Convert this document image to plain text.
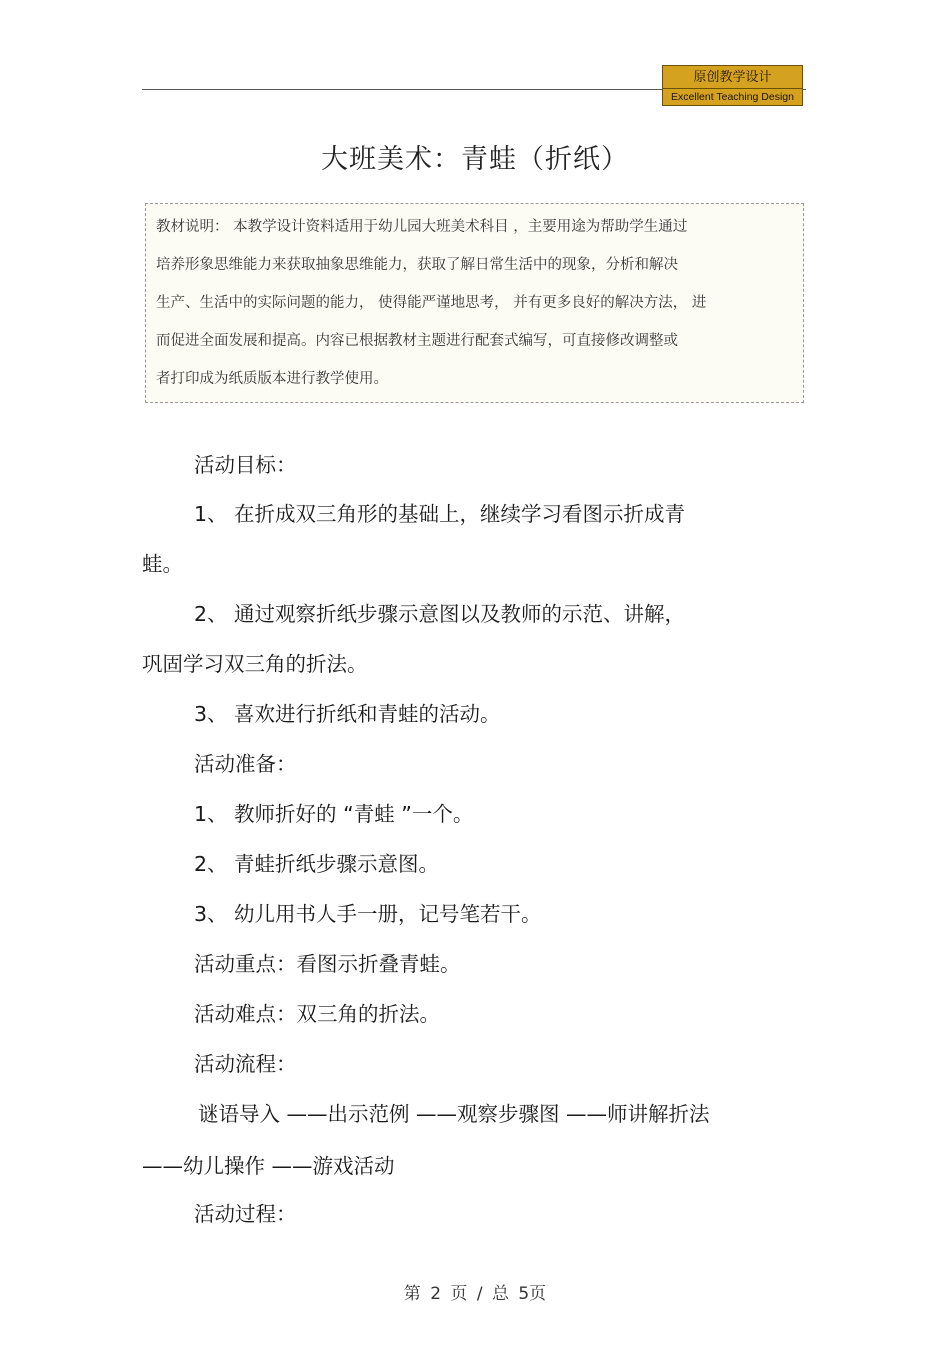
原创教学设计
Excellent Teaching Design
大班美术：青蛙（折纸）
教材说明： 本教学设计资料适用于幼儿园大班美术科目 ，主要用途为帮助学生通过
培养形象思维能力来获取抽象思维能力，获取了解日常生活中的现象，分析和解决
生产、生活中的实际问题的能力， 使得能严谨地思考， 并有更多良好的解决方法， 进
而促进全面发展和提高。内容已根据教材主题进行配套式编写，可直接修改调整或
者打印成为纸质版本进行教学使用。
活动目标：
1、 在折成双三角形的基础上，继续学习看图示折成青
蛙。
2、 通过观察折纸步骤示意图以及教师的示范、讲解，
巩固学习双三角的折法。
3、 喜欢进行折纸和青蛙的活动。
活动准备：
1、 教师折好的 “青蛙 ”一个。
2、 青蛙折纸步骤示意图。
3、 幼儿用书人手一册，记号笔若干。
活动重点：看图示折叠青蛙。
活动难点：双三角的折法。
活动流程：
谜语导入 ——出示范例 ——观察步骤图 ——师讲解折法
——幼儿操作 ——游戏活动
活动过程：
第 2 页 / 总 5页
